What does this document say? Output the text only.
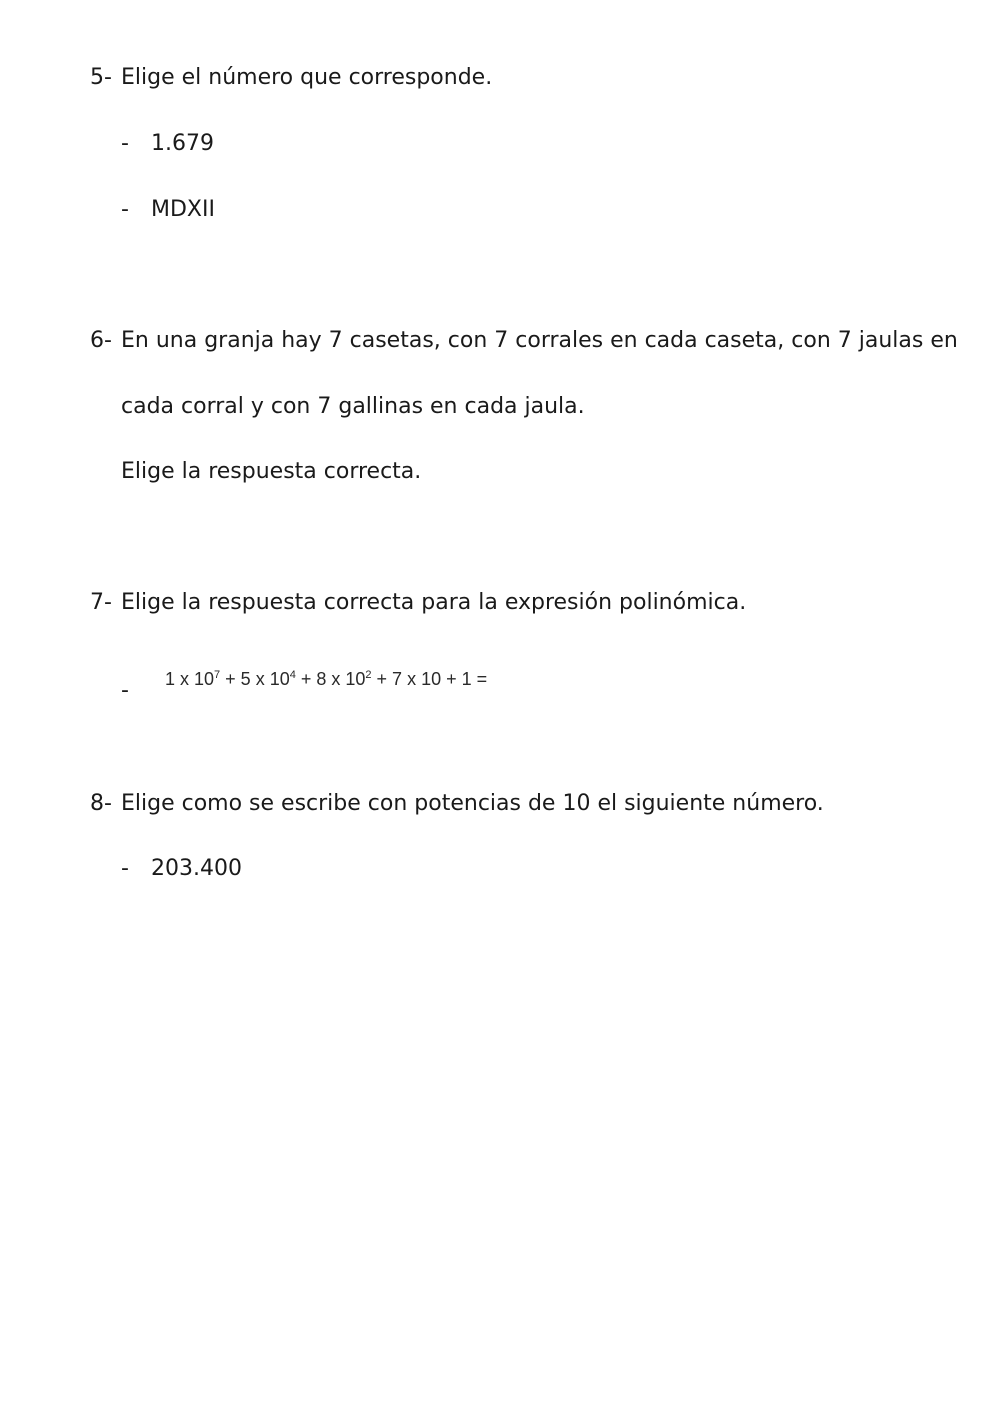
5- Elige el número que corresponde.
- 1.679
- MDXII
6- En una granja hay 7 casetas, con 7 corrales en cada caseta, con 7 jaulas en
cada corral y con 7 gallinas en cada jaula.
Elige la respuesta correcta.
7- Elige la respuesta correcta para la expresión polinómica.
- 1 x $10^7 + 5$ x $10^4 + 8$ x $10^2 + 7$ x 10 + 1 =
8- Elige como se escribe con potencias de 10 el siguiente número.
- 203.400
